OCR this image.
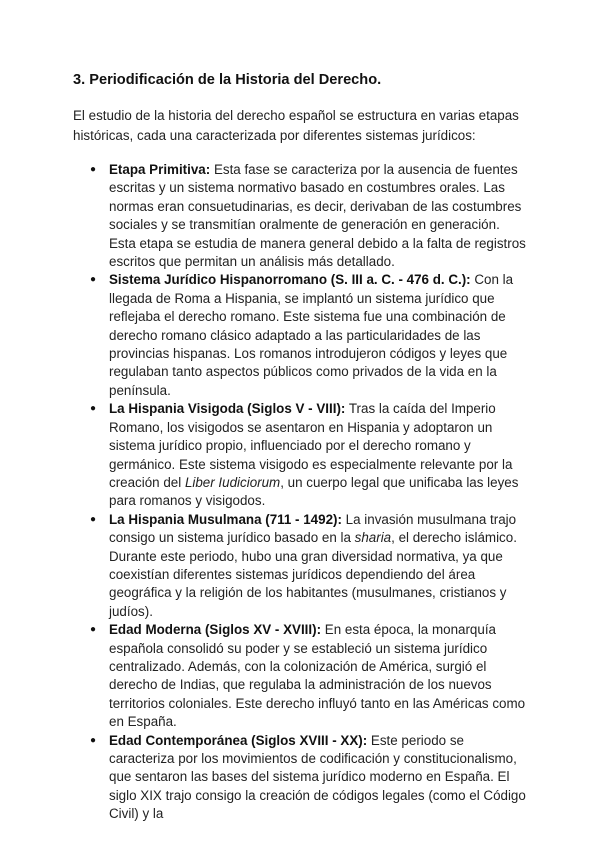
3. Periodificación de la Historia del Derecho.

El estudio de la historia del derecho español se estructura en varias etapas históricas, cada una caracterizada por diferentes sistemas jurídicos:

● Etapa Primitiva: Esta fase se caracteriza por la ausencia de fuentes escritas y un sistema normativo basado en costumbres orales. Las normas eran consuetudinarias, es decir, derivaban de las costumbres sociales y se transmitían oralmente de generación en generación. Esta etapa se estudia de manera general debido a la falta de registros escritos que permitan un análisis más detallado.
● Sistema Jurídico Hispanorromano (S. III a. C. - 476 d. C.): Con la llegada de Roma a Hispania, se implantó un sistema jurídico que reflejaba el derecho romano. Este sistema fue una combinación de derecho romano clásico adaptado a las particularidades de las provincias hispanas. Los romanos introdujeron códigos y leyes que regulaban tanto aspectos públicos como privados de la vida en la península.
● La Hispania Visigoda (Siglos V - VIII): Tras la caída del Imperio Romano, los visigodos se asentaron en Hispania y adoptaron un sistema jurídico propio, influenciado por el derecho romano y germánico. Este sistema visigodo es especialmente relevante por la creación del Liber Iudiciorum, un cuerpo legal que unificaba las leyes para romanos y visigodos.
● La Hispania Musulmana (711 - 1492): La invasión musulmana trajo consigo un sistema jurídico basado en la sharia, el derecho islámico. Durante este periodo, hubo una gran diversidad normativa, ya que coexistían diferentes sistemas jurídicos dependiendo del área geográfica y la religión de los habitantes (musulmanes, cristianos y judíos).
● Edad Moderna (Siglos XV - XVIII): En esta época, la monarquía española consolidó su poder y se estableció un sistema jurídico centralizado. Además, con la colonización de América, surgió el derecho de Indias, que regulaba la administración de los nuevos territorios coloniales. Este derecho influyó tanto en las Américas como en España.
● Edad Contemporánea (Siglos XVIII - XX): Este periodo se caracteriza por los movimientos de codificación y constitucionalismo, que sentaron las bases del sistema jurídico moderno en España. El siglo XIX trajo consigo la creación de códigos legales (como el Código Civil) y la
